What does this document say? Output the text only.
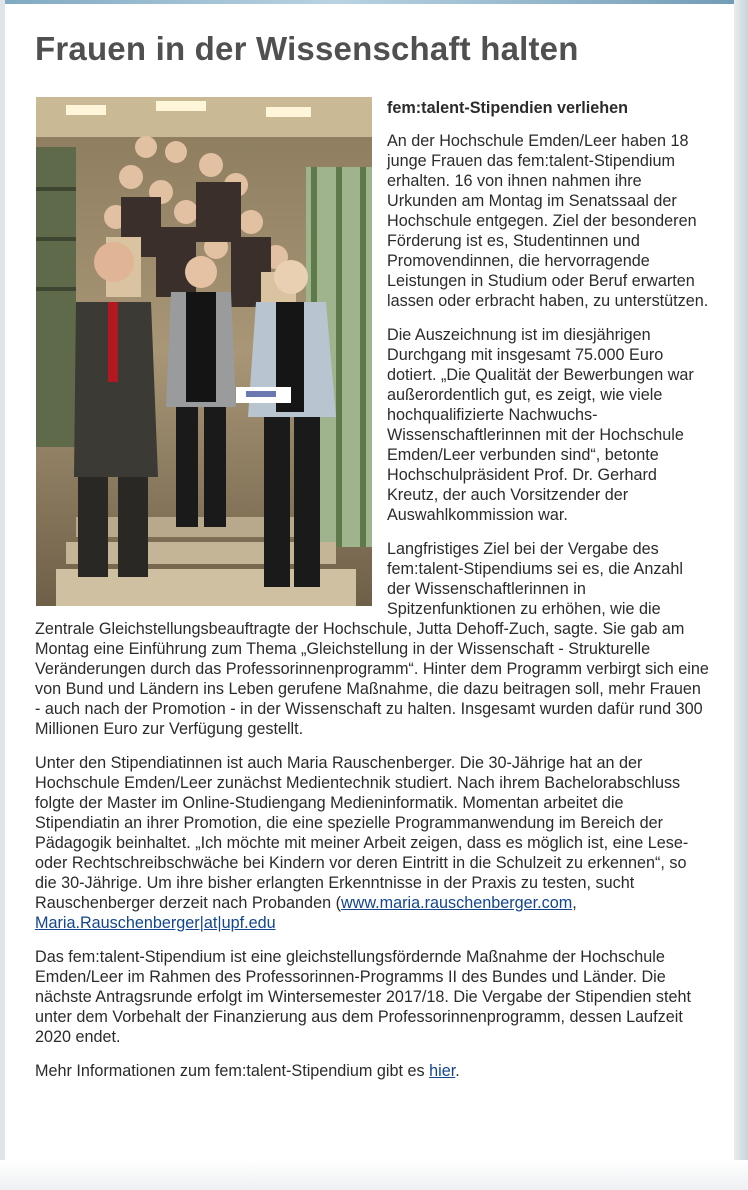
Frauen in der Wissenschaft halten

fem:talent-Stipendien verliehen

An der Hochschule Emden/Leer haben 18 junge Frauen das fem:talent-Stipendium erhalten. 16 von ihnen nahmen ihre Urkunden am Montag im Senatssaal der Hochschule entgegen. Ziel der besonderen Förderung ist es, Studentinnen und Promovendinnen, die hervorragende Leistungen in Studium oder Beruf erwarten lassen oder erbracht haben, zu unterstützen.

Die Auszeichnung ist im diesjährigen Durchgang mit insgesamt 75.000 Euro dotiert. „Die Qualität der Bewerbungen war außerordentlich gut, es zeigt, wie viele hochqualifizierte Nachwuchs-Wissenschaftlerinnen mit der Hochschule Emden/Leer verbunden sind“, betonte Hochschulpräsident Prof. Dr. Gerhard Kreutz, der auch Vorsitzender der Auswahlkommission war.

Langfristiges Ziel bei der Vergabe des fem:talent-Stipendiums sei es, die Anzahl der Wissenschaftlerinnen in Spitzenfunktionen zu erhöhen, wie die Zentrale Gleichstellungsbeauftragte der Hochschule, Jutta Dehoff-Zuch, sagte. Sie gab am Montag eine Einführung zum Thema „Gleichstellung in der Wissenschaft - Strukturelle Veränderungen durch das Professorinnenprogramm“. Hinter dem Programm verbirgt sich eine von Bund und Ländern ins Leben gerufene Maßnahme, die dazu beitragen soll, mehr Frauen - auch nach der Promotion - in der Wissenschaft zu halten. Insgesamt wurden dafür rund 300 Millionen Euro zur Verfügung gestellt.

Unter den Stipendiatinnen ist auch Maria Rauschenberger. Die 30-Jährige hat an der Hochschule Emden/Leer zunächst Medientechnik studiert. Nach ihrem Bachelorabschluss folgte der Master im Online-Studiengang Medieninformatik. Momentan arbeitet die Stipendiatin an ihrer Promotion, die eine spezielle Programmanwendung im Bereich der Pädagogik beinhaltet. „Ich möchte mit meiner Arbeit zeigen, dass es möglich ist, eine Lese- oder Rechtschreibschwäche bei Kindern vor deren Eintritt in die Schulzeit zu erkennen“, so die 30-Jährige. Um ihre bisher erlangten Erkenntnisse in der Praxis zu testen, sucht Rauschenberger derzeit nach Probanden (www.maria.rauschenberger.com, Maria.Rauschenberger|at|upf.edu

Das fem:talent-Stipendium ist eine gleichstellungsfördernde Maßnahme der Hochschule Emden/Leer im Rahmen des Professorinnen-Programms II des Bundes und Länder. Die nächste Antragsrunde erfolgt im Wintersemester 2017/18. Die Vergabe der Stipendien steht unter dem Vorbehalt der Finanzierung aus dem Professorinnenprogramm, dessen Laufzeit 2020 endet.

Mehr Informationen zum fem:talent-Stipendium gibt es hier.
